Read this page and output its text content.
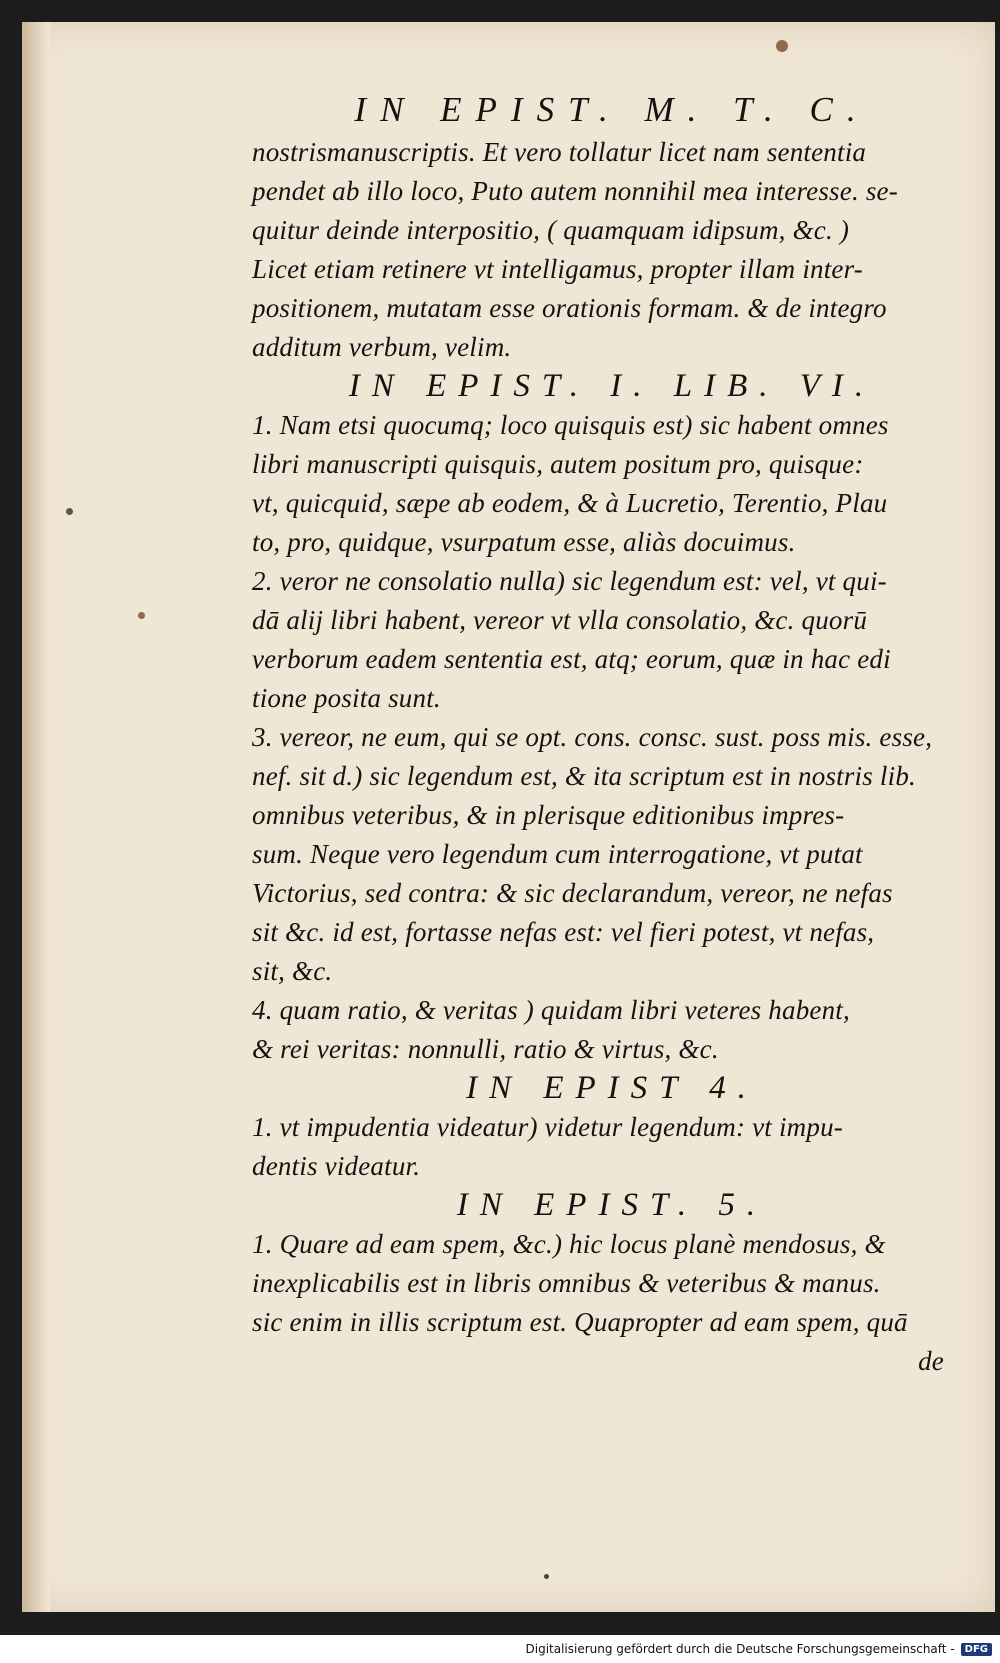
IN EPIST. M. T. C.
nostrismanuscriptis. Et vero tollatur licet nam sententia
pendet ab illo loco, Puto autem nonnihil mea interesse. se-
quitur deinde interpositio, ( quamquam idipsum, &c. )
Licet etiam retinere vt intelligamus, propter illam inter-
positionem, mutatam esse orationis formam. & de integro
additum verbum, velim.
IN EPIST. I. LIB. VI.
1. Nam etsi quocumq; loco quisquis est) sic habent omnes
libri manuscripti quisquis, autem positum pro, quisque:
vt, quicquid, sæpe ab eodem, & à Lucretio, Terentio, Plau
to, pro, quidque, vsurpatum esse, aliàs docuimus.
2. veror ne consolatio nulla) sic legendum est: vel, vt qui-
dā alij libri habent, vereor vt vlla consolatio, &c. quorū
verborum eadem sententia est, atq; eorum, quæ in hac edi
tione posita sunt.
3. vereor, ne eum, qui se opt. cons. consc. sust. poss mis. esse,
nef. sit d.) sic legendum est, & ita scriptum est in nostris lib.
omnibus veteribus, & in plerisque editionibus impres-
sum. Neque vero legendum cum interrogatione, vt putat
Victorius, sed contra: & sic declarandum, vereor, ne nefas
sit &c. id est, fortasse nefas est: vel fieri potest, vt nefas,
sit, &c.
4. quam ratio, & veritas ) quidam libri veteres habent,
& rei veritas: nonnulli, ratio & virtus, &c.
IN EPIST 4.
1. vt impudentia videatur) videtur legendum: vt impu-
dentis videatur.
IN EPIST. 5.
1. Quare ad eam spem, &c.) hic locus planè mendosus, &
inexplicabilis est in libris omnibus & veteribus & manus.
sic enim in illis scriptum est. Quapropter ad eam spem, quā
de
Digitalisierung gefördert durch die Deutsche Forschungsgemeinschaft -	DFG
